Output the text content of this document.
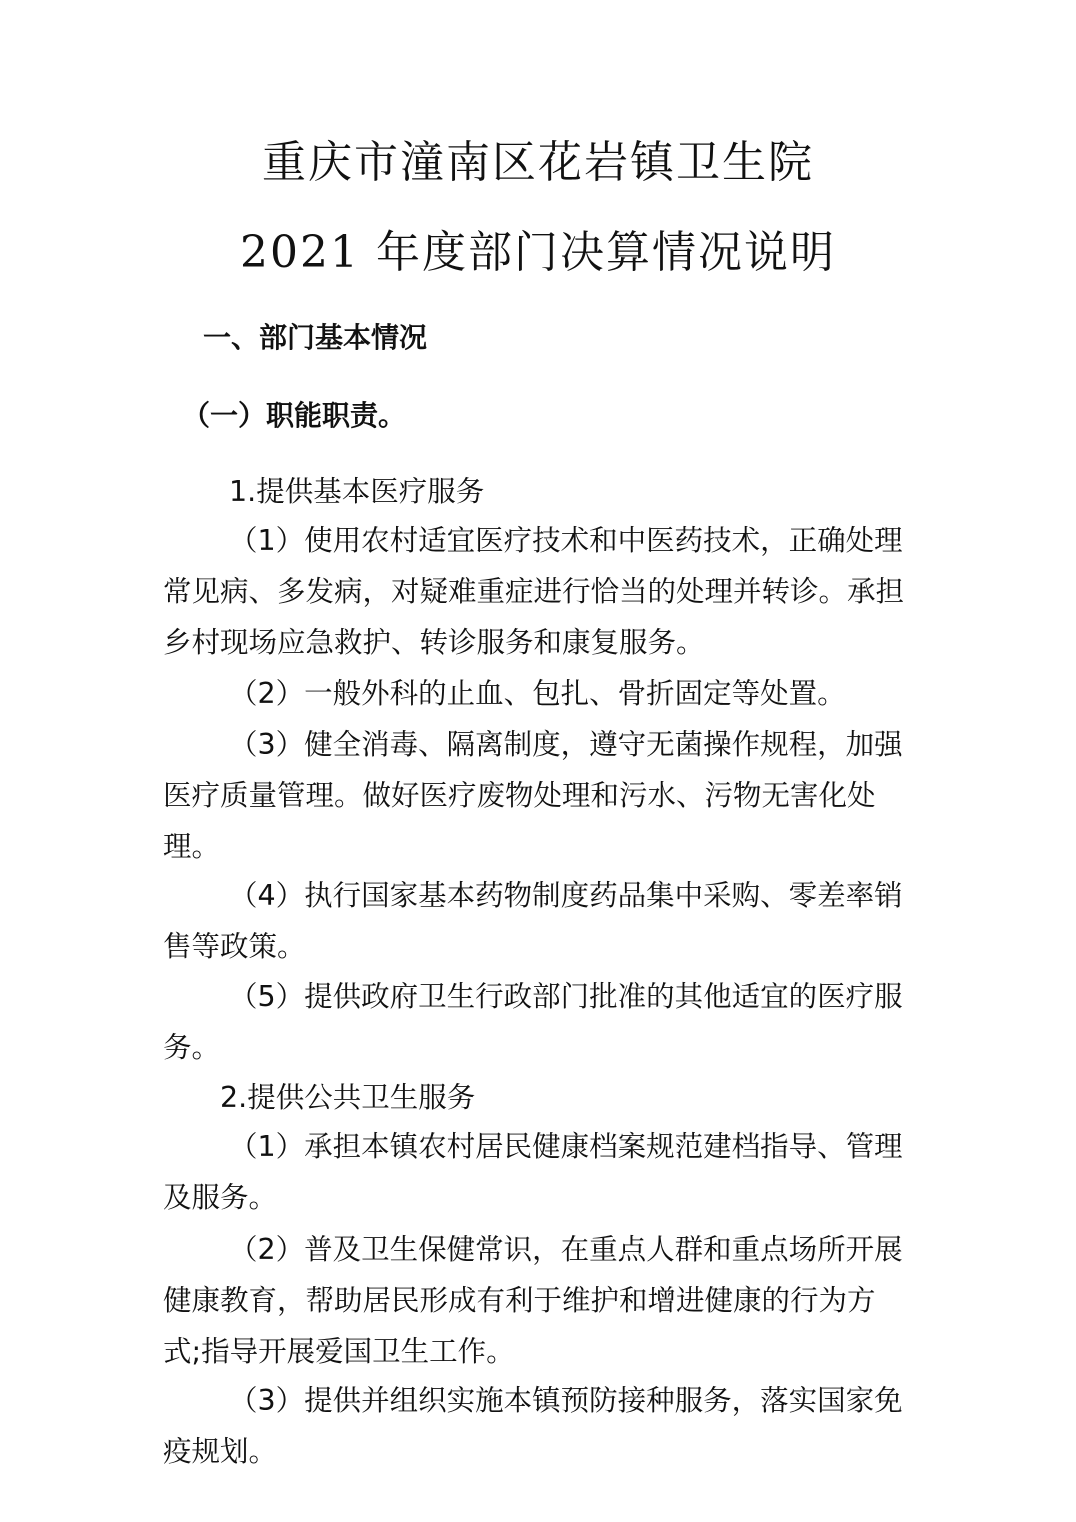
重庆市潼南区花岩镇卫生院
2021 年度部门决算情况说明
一、部门基本情况
（一）职能职责。
1.提供基本医疗服务

（1）使用农村适宜医疗技术和中医药技术，正确处理常见病、多发病，对疑难重症进行恰当的处理并转诊。承担乡村现场应急救护、转诊服务和康复服务。

（2）一般外科的止血、包扎、骨折固定等处置。

（3）健全消毒、隔离制度，遵守无菌操作规程，加强医疗质量管理。做好医疗废物处理和污水、污物无害化处理。

（4）执行国家基本药物制度药品集中采购、零差率销售等政策。

（5）提供政府卫生行政部门批准的其他适宜的医疗服务。

2.提供公共卫生服务

（1）承担本镇农村居民健康档案规范建档指导、管理及服务。

（2）普及卫生保健常识，在重点人群和重点场所开展健康教育，帮助居民形成有利于维护和增进健康的行为方式;指导开展爱国卫生工作。

（3）提供并组织实施本镇预防接种服务，落实国家免疫规划。
